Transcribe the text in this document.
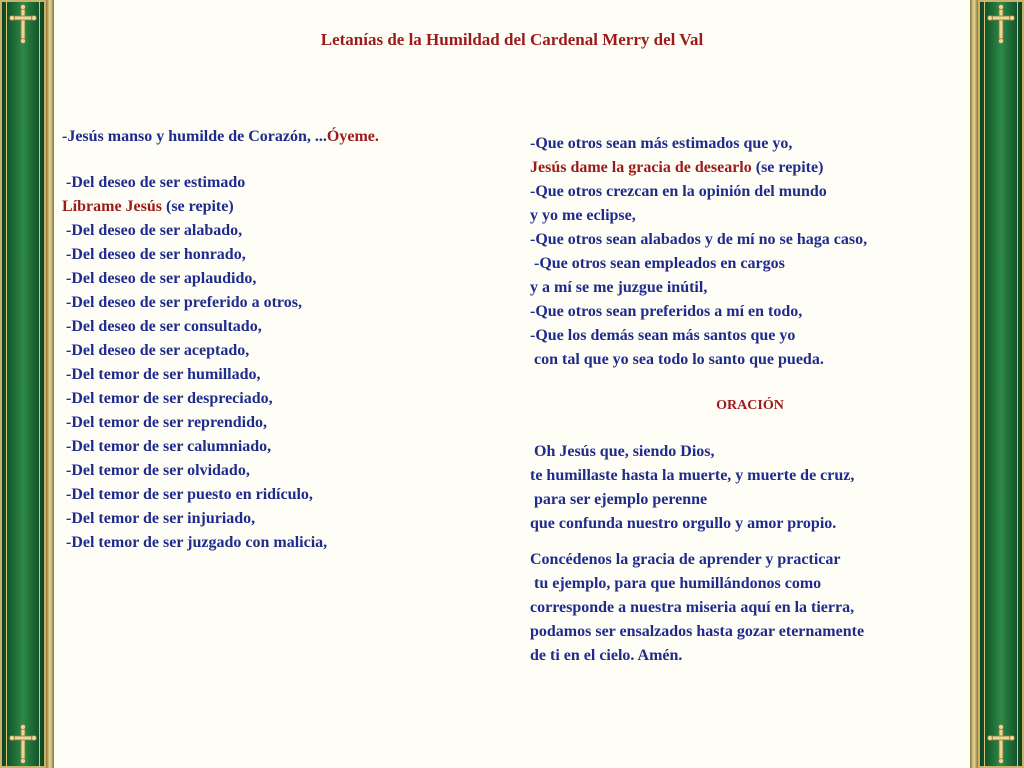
Letanías de la Humildad del Cardenal Merry del Val
-Jesús manso y humilde de Corazón, ...Óyeme.
-Del deseo de ser estimado
Líbrame Jesús (se repite)
-Del deseo de ser alabado,
-Del deseo de ser honrado,
-Del deseo de ser aplaudido,
-Del deseo de ser preferido a otros,
-Del deseo de ser consultado,
-Del deseo de ser aceptado,
-Del temor de ser humillado,
-Del temor de ser despreciado,
-Del temor de ser reprendido,
-Del temor de ser calumniado,
-Del temor de ser olvidado,
-Del temor de ser puesto en ridículo,
-Del temor de ser injuriado,
-Del temor de ser juzgado con malicia,
-Que otros sean más estimados que yo,
Jesús dame la gracia de desearlo (se repite)
-Que otros crezcan en la opinión del mundo
y yo me eclipse,
-Que otros sean alabados y de mí no se haga caso,
-Que otros sean empleados en cargos
y a mí se me juzgue inútil,
-Que otros sean preferidos a mí en todo,
-Que los demás sean más santos que yo
con tal que yo sea todo lo santo que pueda.
ORACIÓN
Oh Jesús que, siendo Dios,
te humillaste hasta la muerte, y muerte de cruz,
para ser ejemplo perenne
que confunda nuestro orgullo y amor propio.
Concédenos la gracia de aprender y practicar
tu ejemplo, para que humillándonos como
corresponde a nuestra miseria aquí en la tierra,
podamos ser ensalzados hasta gozar eternamente
de ti en el cielo. Amén.
